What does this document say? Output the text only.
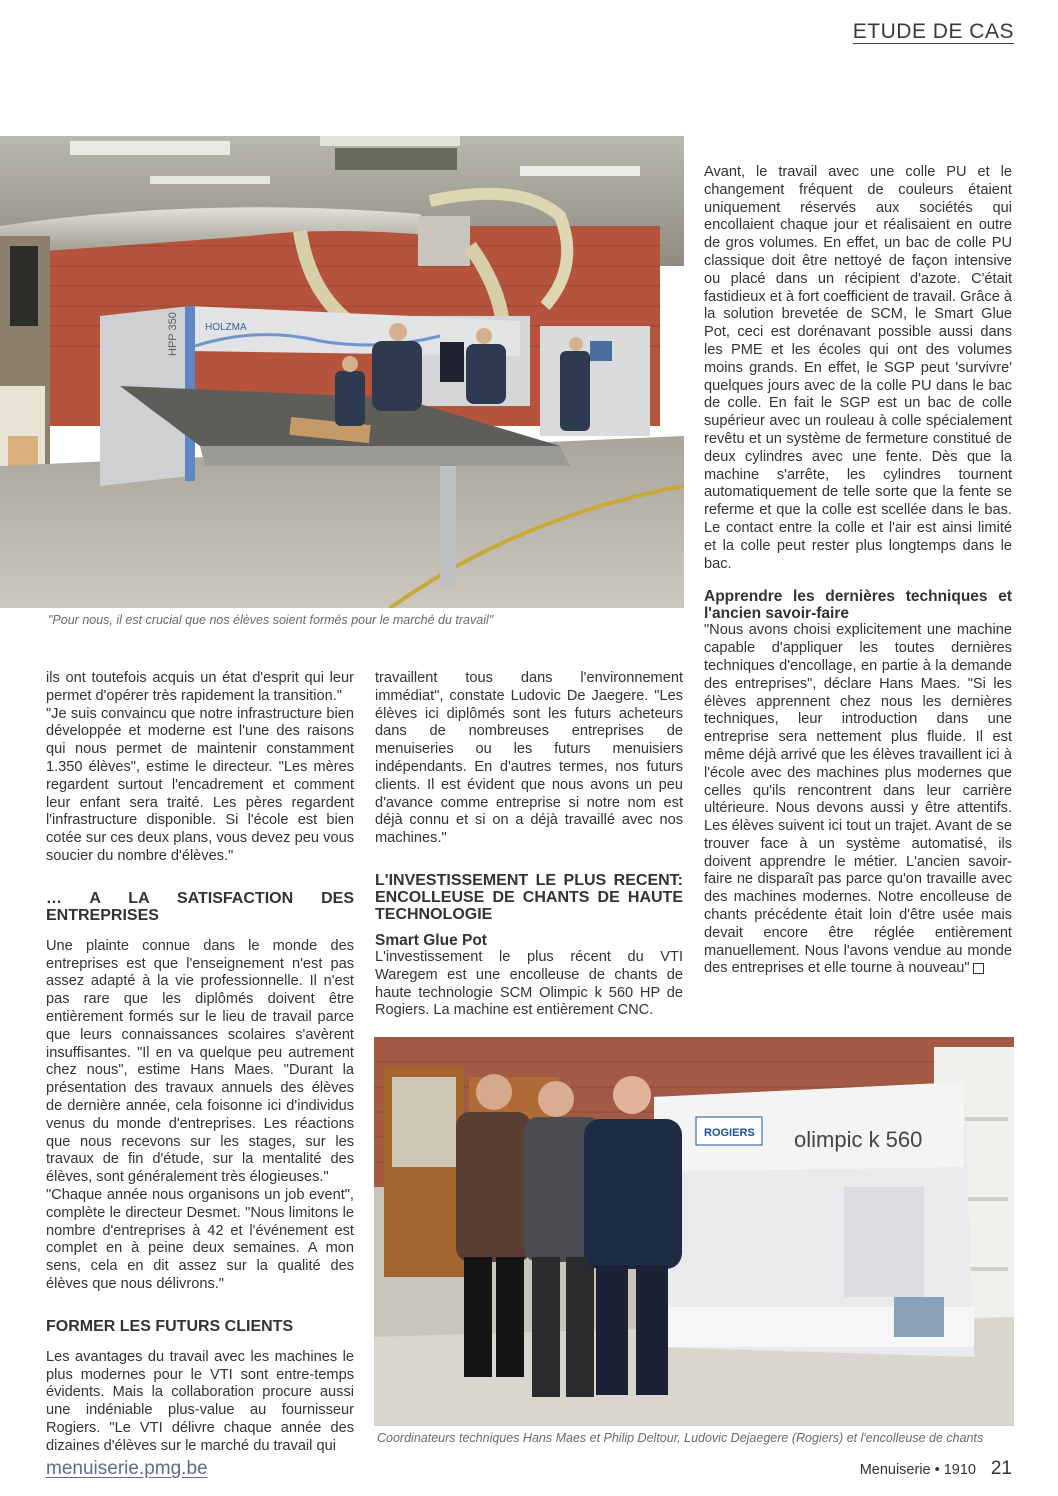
ETUDE DE CAS
HPP 350	HOLZMA
"Pour nous, il est crucial que nos élèves soient formés pour le marché du travail"

Avant, le travail avec une colle PU et le changement fréquent de couleurs étaient uniquement réservés aux sociétés qui encollaient chaque jour et réalisaient en outre de gros volumes. En effet, un bac de colle PU classique doit être nettoyé de façon intensive ou placé dans un récipient d'azote. C'était fastidieux et à fort coefficient de travail. Grâce à la solution brevetée de SCM, le Smart Glue Pot, ceci est dorénavant possible aussi dans les PME et les écoles qui ont des volumes moins grands. En effet, le SGP peut 'survivre' quelques jours avec de la colle PU dans le bac de colle. En fait le SGP est un bac de colle supérieur avec un rouleau à colle spécialement revêtu et un système de fermeture constitué de deux cylindres avec une fente. Dès que la machine s'arrête, les cylindres tournent automatiquement de telle sorte que la fente se referme et que la colle est scellée dans le bas. Le contact entre la colle et l'air est ainsi limité et la colle peut rester plus longtemps dans le bac.

Apprendre les dernières techniques et l'ancien savoir-faire

"Nous avons choisi explicitement une machine capable d'appliquer les toutes dernières techniques d'encollage, en partie à la demande des entreprises", déclare Hans Maes. "Si les élèves apprennent chez nous les dernières techniques, leur introduction dans une entreprise sera nettement plus fluide. Il est même déjà arrivé que les élèves travaillent ici à l'école avec des machines plus modernes que celles qu'ils rencontrent dans leur carrière ultérieure. Nous devons aussi y être attentifs. Les élèves suivent ici tout un trajet. Avant de se trouver face à un système automatisé, ils doivent apprendre le métier. L'ancien savoir-faire ne disparaît pas parce qu'on travaille avec des machines modernes. Notre encolleuse de chants précédente était loin d'être usée mais devait encore être réglée entièrement manuellement. Nous l'avons vendue au monde des entreprises et elle tourne à nouveau"

ils ont toutefois acquis un état d'esprit qui leur permet d'opérer très rapidement la transition."

"Je suis convaincu que notre infrastructure bien développée et moderne est l'une des raisons qui nous permet de maintenir constamment 1.350 élèves", estime le directeur. "Les mères regardent surtout l'encadrement et comment leur enfant sera traité. Les pères regardent l'infrastructure disponible. Si l'école est bien cotée sur ces deux plans, vous devez peu vous soucier du nombre d'élèves."

… A LA SATISFACTION DES ENTREPRISES

Une plainte connue dans le monde des entreprises est que l'enseignement n'est pas assez adapté à la vie professionnelle. Il n'est pas rare que les diplômés doivent être entièrement formés sur le lieu de travail parce que leurs connaissances scolaires s'avèrent insuffisantes. "Il en va quelque peu autrement chez nous", estime Hans Maes. "Durant la présentation des travaux annuels des élèves de dernière année, cela foisonne ici d'individus venus du monde d'entreprises. Les réactions que nous recevons sur les stages, sur les travaux de fin d'étude, sur la mentalité des élèves, sont généralement très élogieuses."

"Chaque année nous organisons un job event", complète le directeur Desmet. "Nous limitons le nombre d'entreprises à 42 et l'événement est complet en à peine deux semaines. A mon sens, cela en dit assez sur la qualité des élèves que nous délivrons."

FORMER LES FUTURS CLIENTS

Les avantages du travail avec les machines le plus modernes pour le VTI sont entre-temps évidents. Mais la collaboration procure aussi une indéniable plus-value au fournisseur Rogiers. "Le VTI délivre chaque année des dizaines d'élèves sur le marché du travail qui

travaillent tous dans l'environnement immédiat", constate Ludovic De Jaegere. "Les élèves ici diplômés sont les futurs acheteurs dans de nombreuses entreprises de menuiseries ou les futurs menuisiers indépendants. En d'autres termes, nos futurs clients. Il est évident que nous avons un peu d'avance comme entreprise si notre nom est déjà connu et si on a déjà travaillé avec nos machines."

L'INVESTISSEMENT LE PLUS RECENT: ENCOLLEUSE DE CHANTS DE HAUTE TECHNOLOGIE
Smart Glue Pot

L'investissement le plus récent du VTI Waregem est une encolleuse de chants de haute technologie SCM Olimpic k 560 HP de Rogiers. La machine est entièrement CNC.

ROGIERS olimpic k 560
Coordinateurs techniques Hans Maes et Philip Deltour, Ludovic Dejaegere (Rogiers) et l'encolleuse de chants
menuiserie.pmg.be	Menuiserie • 1910 21
